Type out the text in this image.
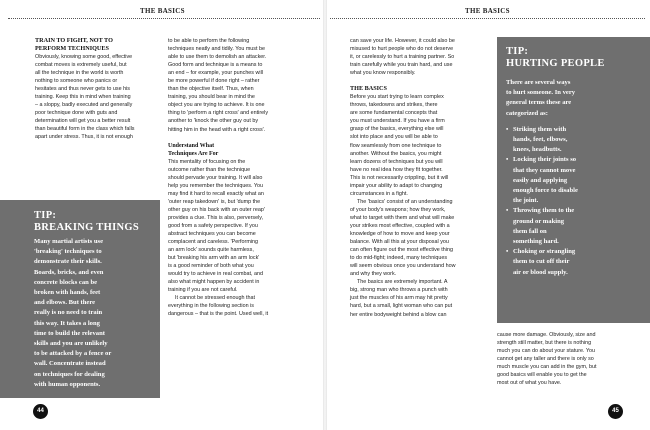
THE BASICS
TRAIN TO FIGHT, NOT TO
PERFORM TECHNIQUES
Obviously, knowing some good, effective
combat moves is extremely useful, but
all the technique in the world is worth
nothing to someone who panics or
hesitates and thus never gets to use his
training. Keep this in mind when training
– a sloppy, badly executed and generally
poor technique done with guts and
determination will get you a better result
than beautiful form in the class which falls
apart under stress. Thus, it is not enough
TIP:
BREAKING THINGS
Many martial artists use
'breaking' techniques to
demonstrate their skills.
Boards, bricks, and even
concrete blocks can be
broken with hands, feet
and elbows. But there
really is no need to train
this way. It takes a long
time to build the relevant
skills and you are unlikely
to be attacked by a fence or
wall. Concentrate instead
on techniques for dealing
with human opponents.
to be able to perform the following
techniques neatly and tidily. You must be
able to use them to demolish an attacker.
Good form and technique is a means to
an end – for example, your punches will
be more powerful if done right – rather
than the objective itself. Thus, when
training, you should bear in mind the
object you are trying to achieve. It is one
thing to 'perform a right cross' and entirely
another to 'knock the other guy out by
hitting him in the head with a right cross'.
Understand What
Techniques Are For
This mentality of focusing on the
outcome rather than the technique
should pervade your training. It will also
help you remember the techniques. You
may find it hard to recall exactly what an
'outer reap takedown' is, but 'dump the
other guy on his back with an outer reap'
provides a clue. This is also, perversely,
good from a safety perspective. If you
abstract techniques you can become
complacent and careless. 'Performing
an arm lock' sounds quite harmless,
but 'breaking his arm with an arm lock'
is a good reminder of both what you
would try to achieve in real combat, and
also what might happen by accident in
training if you are not careful.
It cannot be stressed enough that
everything in the following section is
dangerous – that is the point. Used well, it
44
THE BASICS
can save your life. However, it could also be
misused to hurt people who do not deserve
it, or carelessly to hurt a training partner. So
train carefully while you train hard, and use
what you know responsibly.
THE BASICS
Before you start trying to learn complex
throws, takedowns and strikes, there
are some fundamental concepts that
you must understand. If you have a firm
grasp of the basics, everything else will
slot into place and you will be able to
flow seamlessly from one technique to
another. Without the basics, you might
learn dozens of techniques but you will
have no real idea how they fit together.
This is not necessarily crippling, but it will
impair your ability to adapt to changing
circumstances in a fight.
The 'basics' consist of an understanding
of your body's weapons; how they work,
what to target with them and what will make
your strikes most effective, coupled with a
knowledge of how to move and keep your
balance. With all this at your disposal you
can often figure out the most effective thing
to do mid-fight; indeed, many techniques
will seem obvious once you understand how
and why they work.
The basics are extremely important. A
big, strong man who throws a punch with
just the muscles of his arm may hit pretty
hard, but a small, light woman who can put
her entire bodyweight behind a blow can
TIP:
HURTING PEOPLE
There are several ways
to hurt someone. In very
general terms these are
categorized as:
• Striking them with
hands, feet, elbows,
knees, headbutts.
• Locking their joints so
that they cannot move
easily and applying
enough force to disable
the joint.
• Throwing them to the
ground or making
them fall on
something hard.
• Choking or strangling
them to cut off their
air or blood supply.
cause more damage. Obviously, size and
strength still matter, but there is nothing
much you can do about your stature. You
cannot get any taller and there is only so
much muscle you can add in the gym, but
good basics will enable you to get the
most out of what you have.
45
